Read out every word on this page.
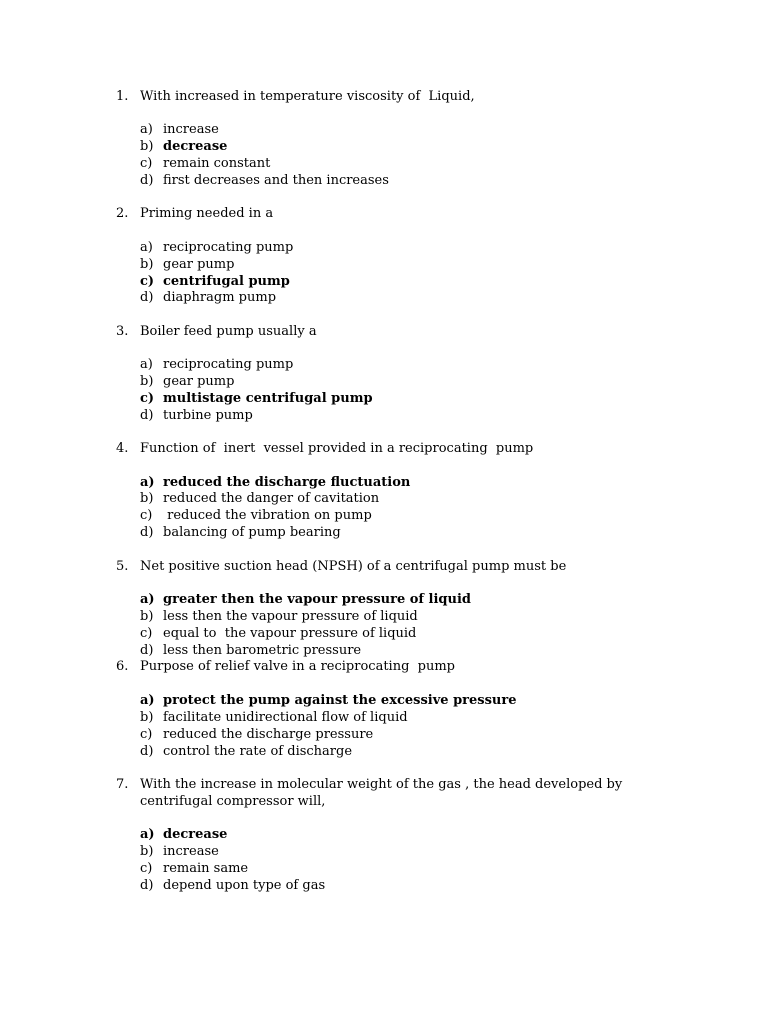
1. With increased in temperature viscosity of  Liquid,
a) increase
b) decrease
c) remain constant
d) first decreases and then increases
2. Priming needed in a
a) reciprocating pump
b) gear pump
c) centrifugal pump
d) diaphragm pump
3. Boiler feed pump usually a
a) reciprocating pump
b) gear pump
c) multistage centrifugal pump
d) turbine pump
4. Function of  inert  vessel provided in a reciprocating  pump
a) reduced the discharge fluctuation
b) reduced the danger of cavitation
c) reduced the vibration on pump
d) balancing of pump bearing
5. Net positive suction head (NPSH) of a centrifugal pump must be
a) greater then the vapour pressure of liquid
b) less then the vapour pressure of liquid
c) equal to  the vapour pressure of liquid
d) less then barometric pressure
6. Purpose of relief valve in a reciprocating  pump
a) protect the pump against the excessive pressure
b) facilitate unidirectional flow of liquid
c) reduced the discharge pressure
d) control the rate of discharge
7. With the increase in molecular weight of the gas , the head developed by
centrifugal compressor will,
a) decrease
b) increase
c) remain same
d) depend upon type of gas
